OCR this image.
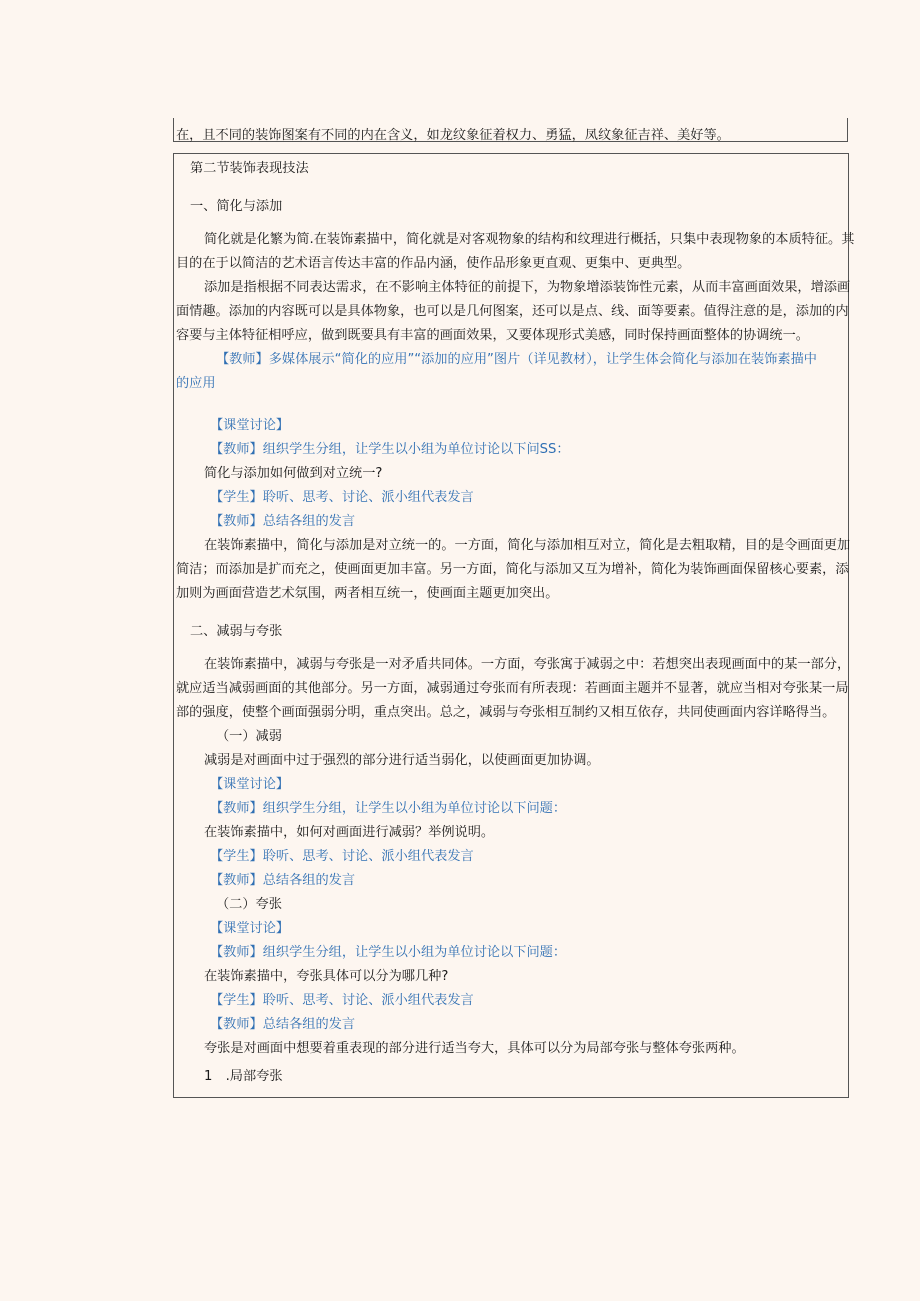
在，且不同的装饰图案有不同的内在含义，如龙纹象征着权力、勇猛，凤纹象征吉祥、美好等。
第二节装饰表现技法
一、简化与添加
简化就是化繁为简.在装饰素描中，简化就是对客观物象的结构和纹理进行概括，只集中表现物象的本质特征。其
目的在于以简洁的艺术语言传达丰富的作品内涵，使作品形象更直观、更集中、更典型。
添加是指根据不同表达需求，在不影响主体特征的前提下，为物象增添装饰性元素，从而丰富画面效果，增添画
面情趣。添加的内容既可以是具体物象，也可以是几何图案，还可以是点、线、面等要素。值得注意的是，添加的内
容要与主体特征相呼应，做到既要具有丰富的画面效果，又要体现形式美感，同时保持画面整体的协调统一。
【教师】多媒体展示“简化的应用”“添加的应用”图片（详见教材），让学生体会简化与添加在装饰素描中
的应用
【课堂讨论】
【教师】组织学生分组，让学生以小组为单位讨论以下问SS：
简化与添加如何做到对立统一?
【学生】聆听、思考、讨论、派小组代表发言
【教师】总结各组的发言
在装饰素描中，简化与添加是对立统一的。一方面，简化与添加相互对立，简化是去粗取精，目的是令画面更加
简洁；而添加是扩而充之，使画面更加丰富。另一方面，简化与添加又互为增补，简化为装饰画面保留核心要素，添
加则为画面营造艺术氛围，两者相互统一，使画面主题更加突出。
二、减弱与夸张
在装饰素描中，减弱与夸张是一对矛盾共同体。一方面，夸张寓于减弱之中：若想突出表现画面中的某一部分，
就应适当减弱画面的其他部分。另一方面，减弱通过夸张而有所表现：若画面主题并不显著，就应当相对夸张某一局
部的强度，使整个画面强弱分明，重点突出。总之，减弱与夸张相互制约又相互依存，共同使画面内容详略得当。
（一）减弱
减弱是对画面中过于强烈的部分进行适当弱化，以使画面更加协调。
【课堂讨论】
【教师】组织学生分组，让学生以小组为单位讨论以下问题：
在装饰素描中，如何对画面进行减弱？举例说明。
【学生】聆听、思考、讨论、派小组代表发言
【教师】总结各组的发言
（二）夸张
【课堂讨论】
【教师】组织学生分组，让学生以小组为单位讨论以下问题：
在装饰素描中，夸张具体可以分为哪几种?
【学生】聆听、思考、讨论、派小组代表发言
【教师】总结各组的发言
夸张是对画面中想要着重表现的部分进行适当夸大，具体可以分为局部夸张与整体夸张两种。
1　.局部夸张
